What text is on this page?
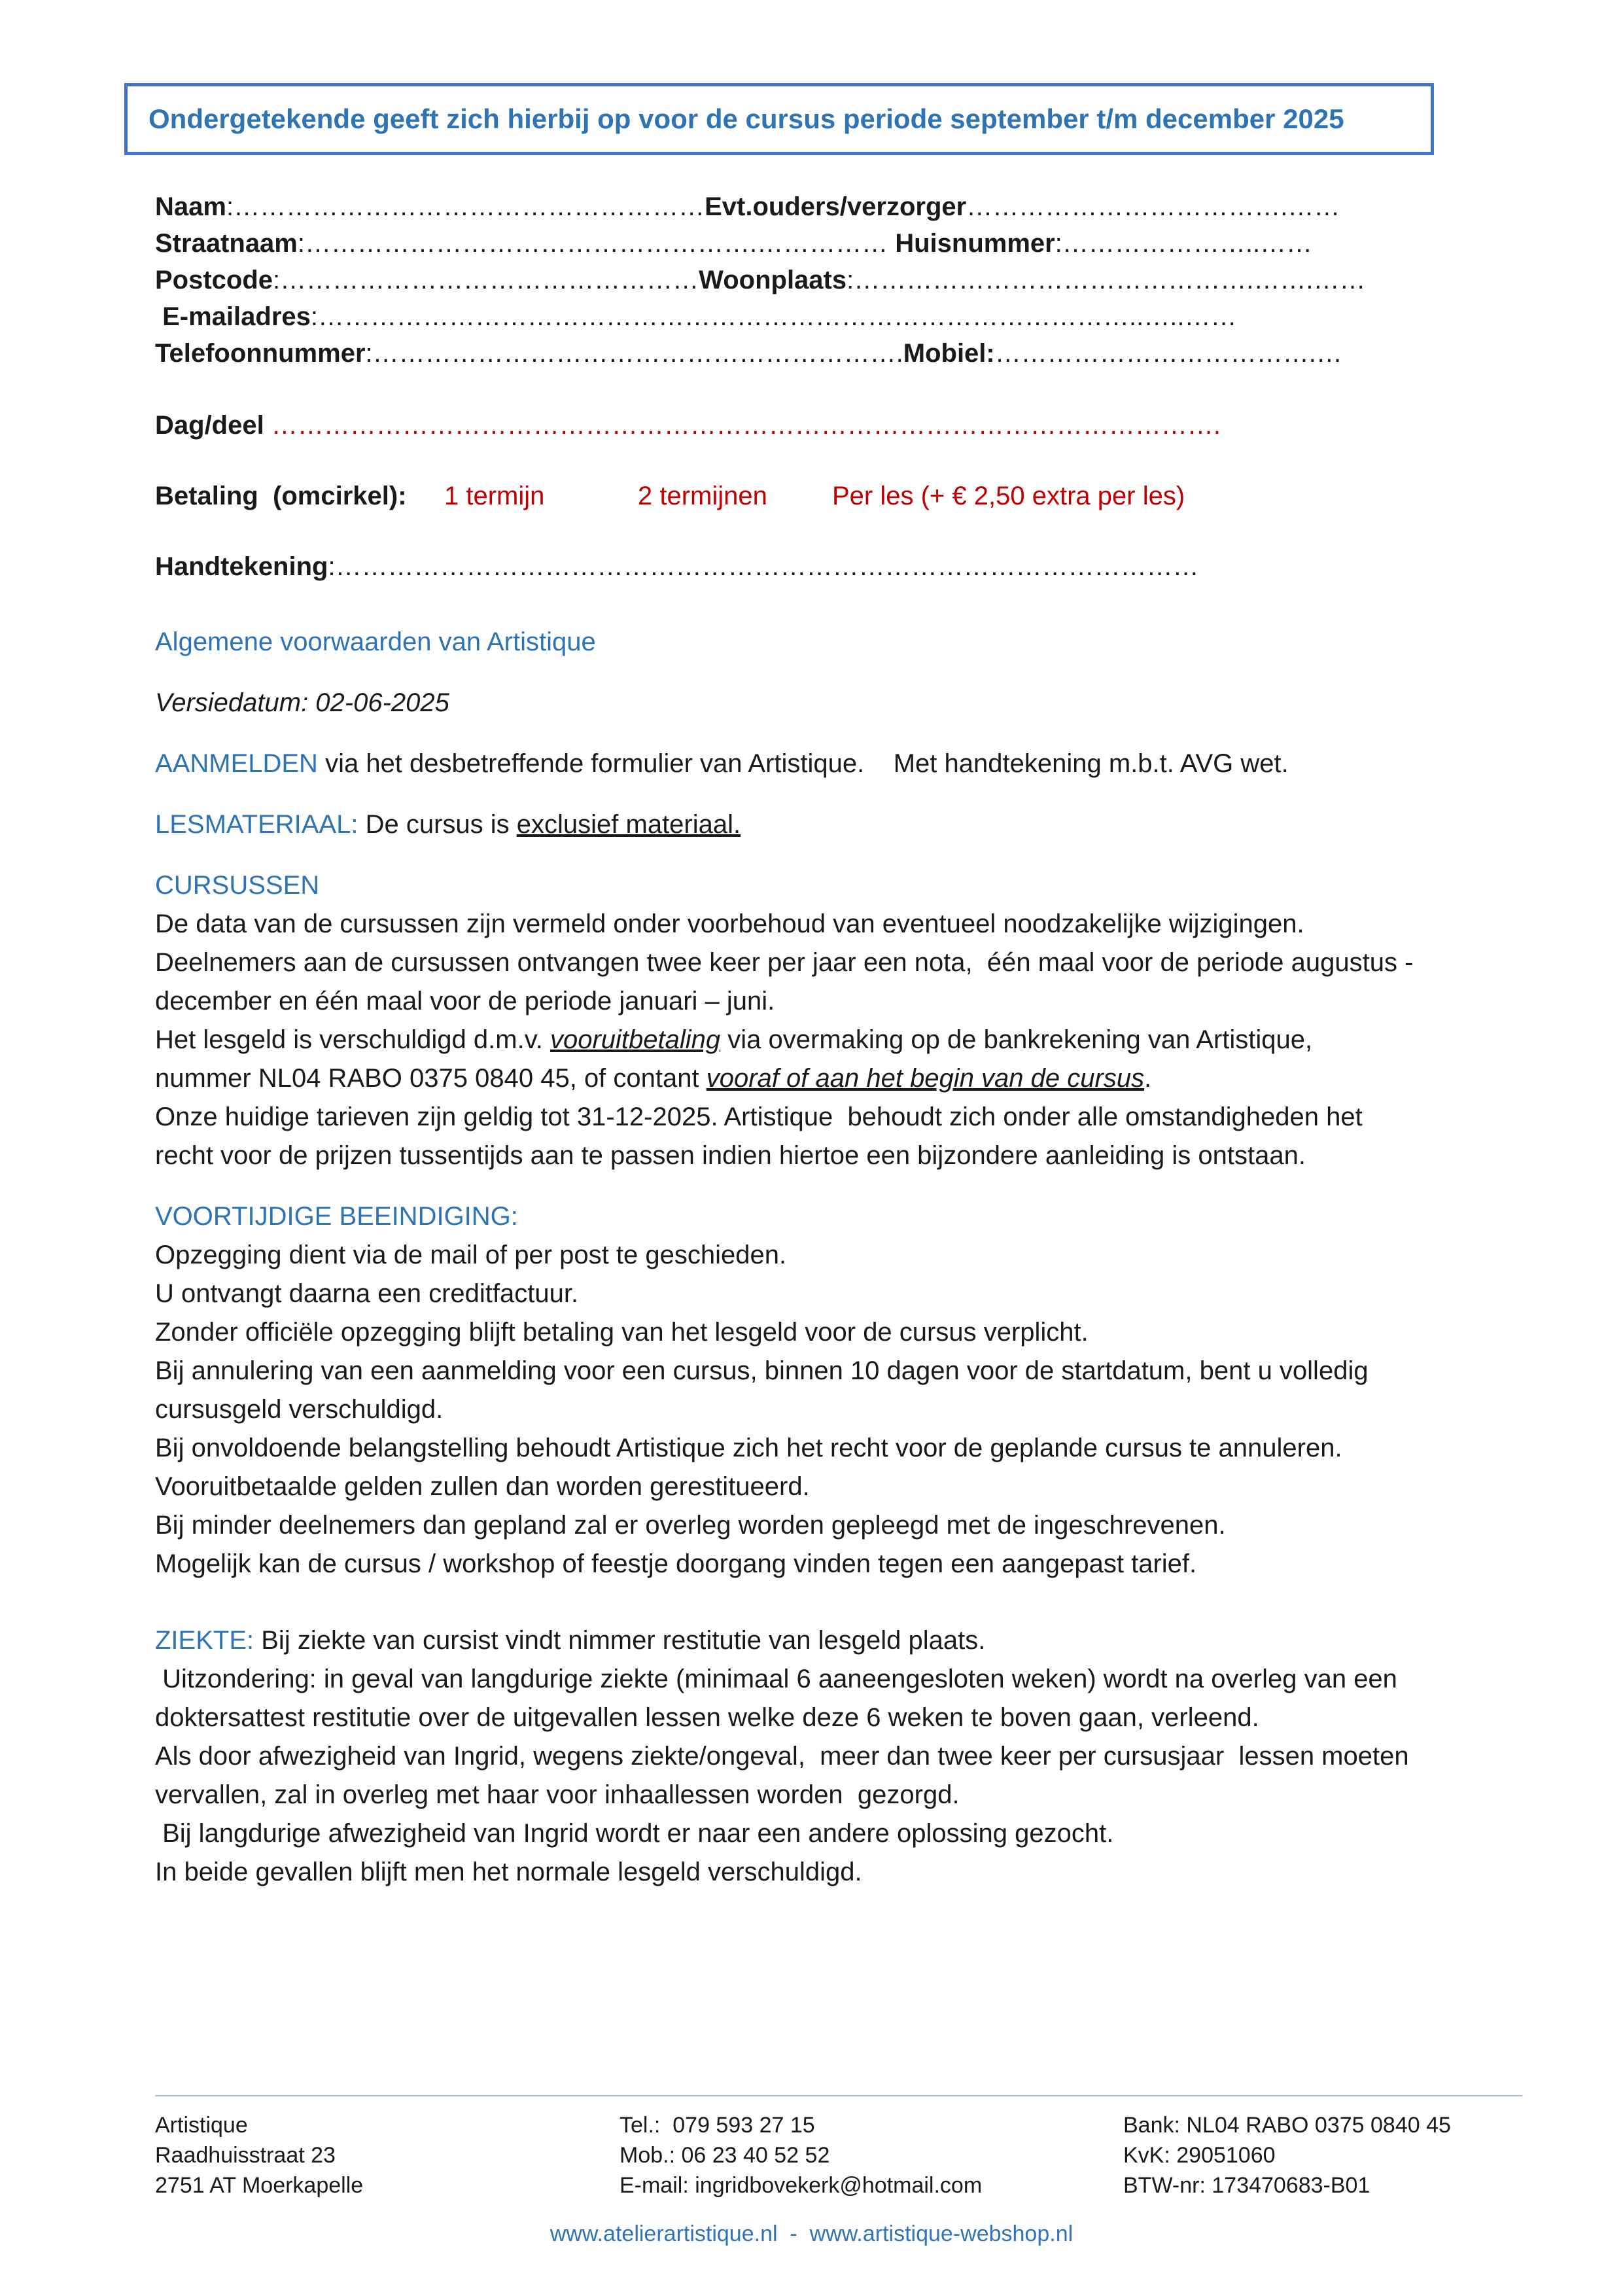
Ondergetekende geeft zich hierbij op voor de cursus periode september t/m december 2025
Naam:………………………………………………Evt.ouders/verzorger……………………………….……
Straatnaam:…………………………………………….…………… Huisnummer:…………………..……
Postcode:…………………………………………Woonplaats:……………………………………….…….……
E-mailadres:…………………………………………………………………………………..…..……
Telefoonnummer:…………………………………………………….Mobiel:……………………………….…
Dag/deel ……………………………………………………………………………………………….
Betaling  (omcirkel): 1 termijn	2 termijnen Per les (+ € 2,50 extra per les)
Handtekening:………………………………………………………………………………………

Algemene voorwaarden van Artistique

Versiedatum: 02-06-2025

AANMELDEN via het desbetreffende formulier van Artistique.    Met handtekening m.b.t. AVG wet.

LESMATERIAAL: De cursus is exclusief materiaal.

CURSUSSEN

De data van de cursussen zijn vermeld onder voorbehoud van eventueel noodzakelijke wijzigingen.

Deelnemers aan de cursussen ontvangen twee keer per jaar een nota,  één maal voor de periode augustus -

december en één maal voor de periode januari – juni.

Het lesgeld is verschuldigd d.m.v. vooruitbetaling via overmaking op de bankrekening van Artistique,

nummer NL04 RABO 0375 0840 45, of contant vooraf of aan het begin van de cursus.

Onze huidige tarieven zijn geldig tot 31-12-2025. Artistique  behoudt zich onder alle omstandigheden het

recht voor de prijzen tussentijds aan te passen indien hiertoe een bijzondere aanleiding is ontstaan.

VOORTIJDIGE BEEINDIGING:

Opzegging dient via de mail of per post te geschieden.

U ontvangt daarna een creditfactuur.

Zonder officiële opzegging blijft betaling van het lesgeld voor de cursus verplicht.

Bij annulering van een aanmelding voor een cursus, binnen 10 dagen voor de startdatum, bent u volledig

cursusgeld verschuldigd.

Bij onvoldoende belangstelling behoudt Artistique zich het recht voor de geplande cursus te annuleren.

Vooruitbetaalde gelden zullen dan worden gerestitueerd.

Bij minder deelnemers dan gepland zal er overleg worden gepleegd met de ingeschrevenen.

Mogelijk kan de cursus / workshop of feestje doorgang vinden tegen een aangepast tarief.

ZIEKTE: Bij ziekte van cursist vindt nimmer restitutie van lesgeld plaats.

Uitzondering: in geval van langdurige ziekte (minimaal 6 aaneengesloten weken) wordt na overleg van een

doktersattest restitutie over de uitgevallen lessen welke deze 6 weken te boven gaan, verleend.

Als door afwezigheid van Ingrid, wegens ziekte/ongeval,  meer dan twee keer per cursusjaar  lessen moeten

vervallen, zal in overleg met haar voor inhaallessen worden  gezorgd.

Bij langdurige afwezigheid van Ingrid wordt er naar een andere oplossing gezocht.

In beide gevallen blijft men het normale lesgeld verschuldigd.

Artistique
Raadhuisstraat 23
2751 AT Moerkapelle
Tel.:  079 593 27 15
Mob.: 06 23 40 52 52
E-mail: ingridbovekerk@hotmail.com
Bank: NL04 RABO 0375 0840 45
KvK: 29051060
BTW-nr: 173470683-B01
www.atelierartistique.nl  -  www.artistique-webshop.nl
